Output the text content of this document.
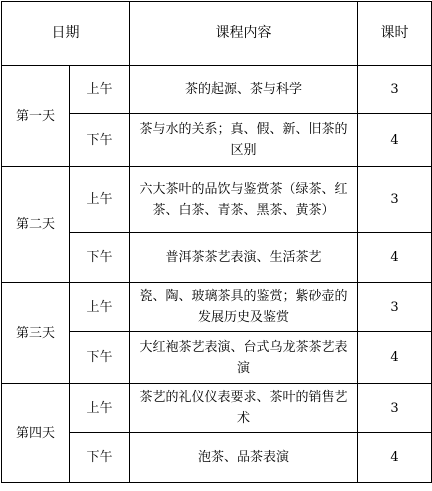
日期		课程内容	课时
第一天	上午	茶的起源、茶与科学	3
	下午	茶与水的关系；真、假、新、旧茶的区别	4
第二天	上午	六大茶叶的品饮与鉴赏茶（绿茶、红茶、白茶、青茶、黑茶、黄茶）	3
	下午	普洱茶茶艺表演、生活茶艺	4
第三天	上午	瓷、陶、玻璃茶具的鉴赏；紫砂壶的发展历史及鉴赏	3
	下午	大红袍茶艺表演、台式乌龙茶茶艺表演	4
第四天	上午	茶艺的礼仪仪表要求、茶叶的销售艺术	3
	下午	泡茶、品茶表演	4
